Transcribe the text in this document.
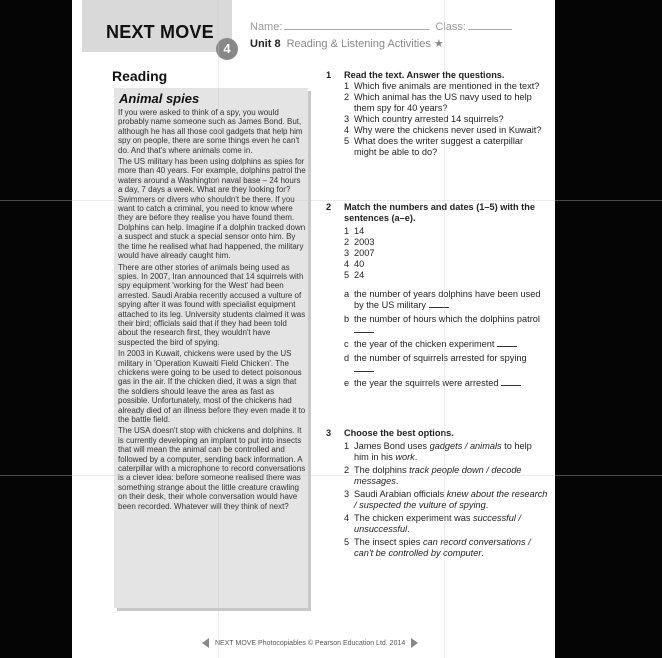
NEXT MOVE
4
Name:	Class:
Unit 8 Reading & Listening Activities ★
Reading
Animal spies

If you were asked to think of a spy, you would probably name someone such as James Bond. But, although he has all those cool gadgets that help him spy on people, there are some things even he can't do. And that's where animals come in.

The US military has been using dolphins as spies for more than 40 years. For example, dolphins patrol the waters around a Washington naval base – 24 hours a day, 7 days a week. What are they looking for? Swimmers or divers who shouldn't be there. If you want to catch a criminal, you need to know where they are before they realise you have found them. Dolphins can help. Imagine if a dolphin tracked down a suspect and stuck a special sensor onto him. By the time he realised what had happened, the military would have already caught him.

There are other stories of animals being used as spies. In 2007, Iran announced that 14 squirrels with spy equipment 'working for the West' had been arrested. Saudi Arabia recently accused a vulture of spying after it was found with specialist equipment attached to its leg. University students claimed it was their bird; officials said that if they had been told about the research first, they wouldn't have suspected the bird of spying.

In 2003 in Kuwait, chickens were used by the US military in 'Operation Kuwaiti Field Chicken'. The chickens were going to be used to detect poisonous gas in the air. If the chicken died, it was a sign that the soldiers should leave the area as fast as possible. Unfortunately, most of the chickens had already died of an illness before they even made it to the battle field.

The USA doesn't stop with chickens and dolphins. It is currently developing an implant to put into insects that will mean the animal can be controlled and followed by a computer, sending back information. A caterpillar with a microphone to record conversations is a clever idea: before someone realised there was something strange about the little creature crawling on their desk, their whole conversation would have been recorded. Whatever will they think of next?

1	Read the text. Answer the questions.
1 Which five animals are mentioned in the text?
2 Which animal has the US navy used to help them spy for 40 years?
3 Which country arrested 14 squirrels?
4 Why were the chickens never used in Kuwait?
5 What does the writer suggest a caterpillar might be able to do?
2	Match the numbers and dates (1–5) with the sentences (a–e).
1 14
2 2003
3 2007
4 40
5 24
a the number of years dolphins have been used by the US military
b the number of hours which the dolphins patrol
c the year of the chicken experiment
d the number of squirrels arrested for spying
e the year the squirrels were arrested
3	Choose the best options.
1 James Bond uses gadgets / animals to help him in his work.
2 The dolphins track people down / decode messages.
3 Saudi Arabian officials knew about the research / suspected the vulture of spying.
4 The chicken experiment was successful / unsuccessful.
5 The insect spies can record conversations / can't be controlled by computer.
NEXT MOVE Photocopiables © Pearson Education Ltd. 2014
